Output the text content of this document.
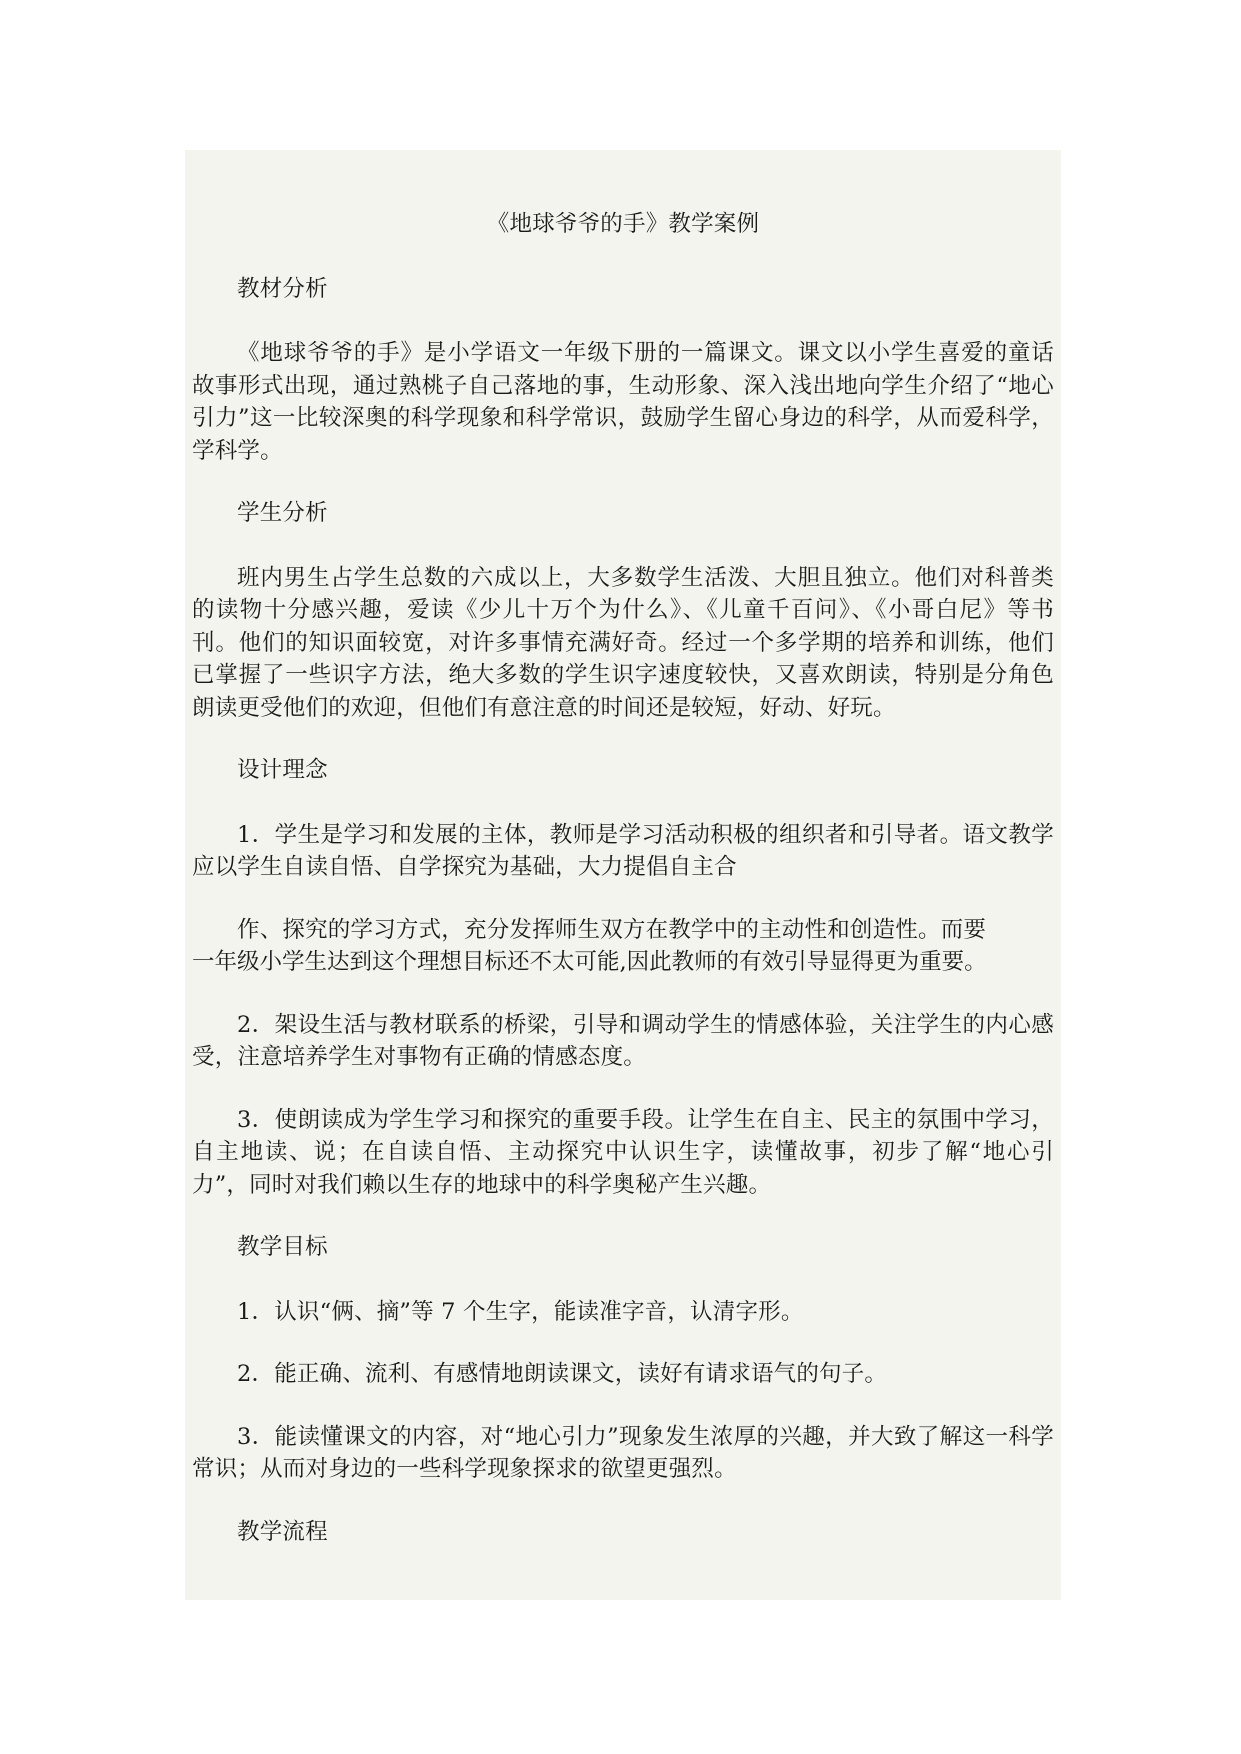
《地球爷爷的手》教学案例

教材分析

《地球爷爷的手》是小学语文一年级下册的一篇课文。课文以小学生喜爱的童话故事形式出现，通过熟桃子自己落地的事，生动形象、深入浅出地向学生介绍了“地心引力”这一比较深奥的科学现象和科学常识，鼓励学生留心身边的科学，从而爱科学，学科学。

学生分析

班内男生占学生总数的六成以上，大多数学生活泼、大胆且独立。他们对科普类的读物十分感兴趣，爱读《少儿十万个为什么》、《儿童千百问》、《小哥白尼》等书刊。他们的知识面较宽，对许多事情充满好奇。经过一个多学期的培养和训练，他们已掌握了一些识字方法，绝大多数的学生识字速度较快，又喜欢朗读，特别是分角色朗读更受他们的欢迎，但他们有意注意的时间还是较短，好动、好玩。

设计理念

1．学生是学习和发展的主体，教师是学习活动积极的组织者和引导者。语文教学应以学生自读自悟、自学探究为基础，大力提倡自主合

作、探究的学习方式，充分发挥师生双方在教学中的主动性和创造性。而要

一年级小学生达到这个理想目标还不太可能,因此教师的有效引导显得更为重要。

2．架设生活与教材联系的桥梁，引导和调动学生的情感体验，关注学生的内心感受，注意培养学生对事物有正确的情感态度。

3．使朗读成为学生学习和探究的重要手段。让学生在自主、民主的氛围中学习，自主地读、说；在自读自悟、主动探究中认识生字，读懂故事，初步了解“地心引力”，同时对我们赖以生存的地球中的科学奥秘产生兴趣。

教学目标

1．认识“俩、摘”等 7 个生字，能读准字音，认清字形。

2．能正确、流利、有感情地朗读课文，读好有请求语气的句子。

3．能读懂课文的内容，对“地心引力”现象发生浓厚的兴趣，并大致了解这一科学常识；从而对身边的一些科学现象探求的欲望更强烈。

教学流程
